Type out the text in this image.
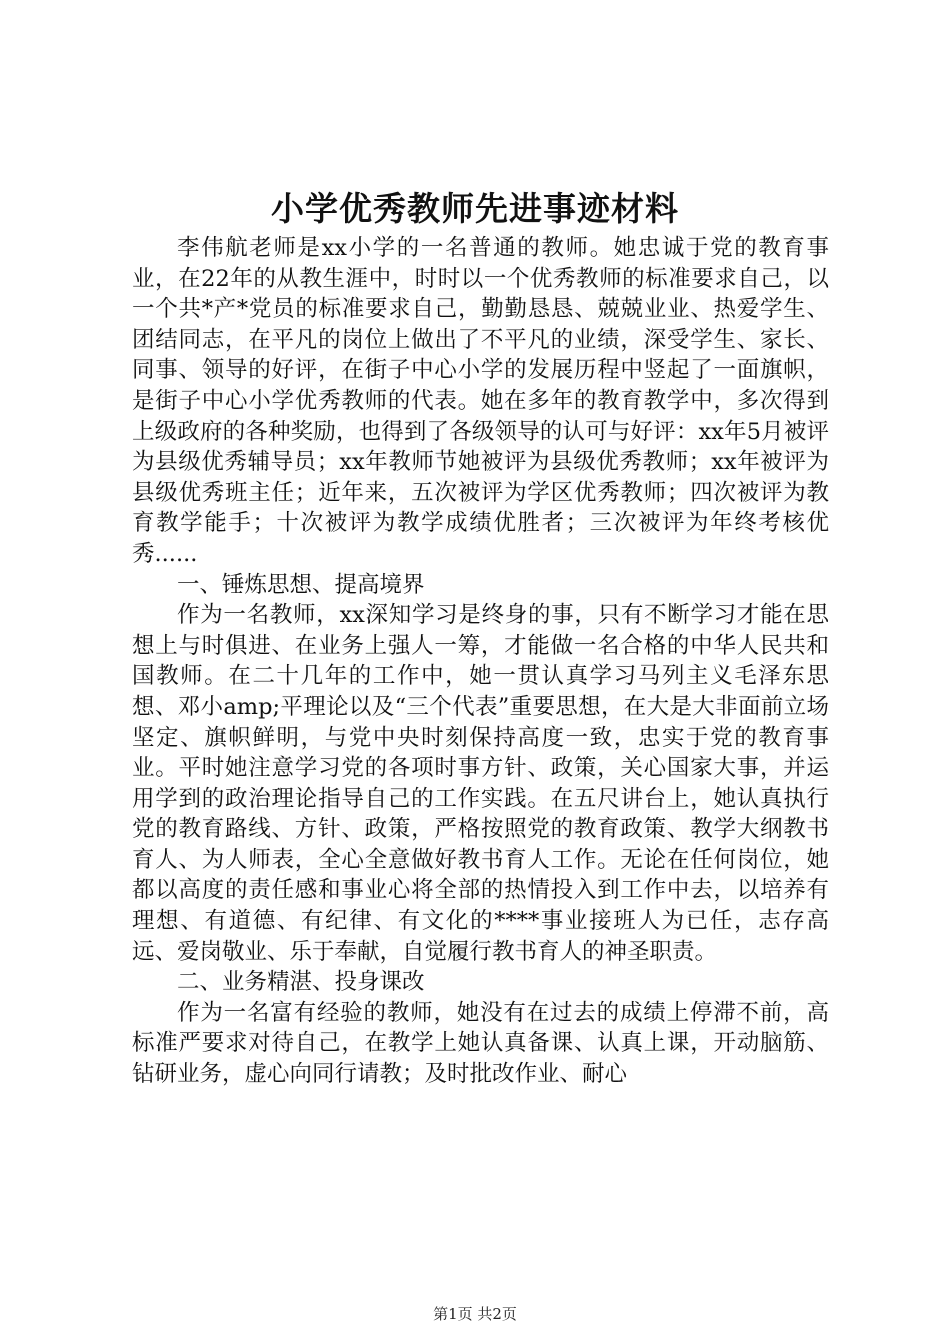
小学优秀教师先进事迹材料

李伟航老师是xx小学的一名普通的教师。她忠诚于党的教育事业，在22年的从教生涯中，时时以一个优秀教师的标准要求自己，以一个共*产*党员的标准要求自己，勤勤恳恳、兢兢业业、热爱学生、团结同志，在平凡的岗位上做出了不平凡的业绩，深受学生、家长、同事、领导的好评，在街子中心小学的发展历程中竖起了一面旗帜，是街子中心小学优秀教师的代表。她在多年的教育教学中，多次得到上级政府的各种奖励，也得到了各级领导的认可与好评：xx年5月被评为县级优秀辅导员；xx年教师节她被评为县级优秀教师；xx年被评为县级优秀班主任；近年来，五次被评为学区优秀教师；四次被评为教育教学能手；十次被评为教学成绩优胜者；三次被评为年终考核优秀......

一、锤炼思想、提高境界

作为一名教师，xx深知学习是终身的事，只有不断学习才能在思想上与时俱进、在业务上强人一筹，才能做一名合格的中华人民共和国教师。在二十几年的工作中，她一贯认真学习马列主义毛泽东思想、邓小amp;平理论以及“三个代表”重要思想，在大是大非面前立场坚定、旗帜鲜明，与党中央时刻保持高度一致，忠实于党的教育事业。平时她注意学习党的各项时事方针、政策，关心国家大事，并运用学到的政治理论指导自己的工作实践。在五尺讲台上，她认真执行党的教育路线、方针、政策，严格按照党的教育政策、教学大纲教书育人、为人师表，全心全意做好教书育人工作。无论在任何岗位，她都以高度的责任感和事业心将全部的热情投入到工作中去，以培养有理想、有道德、有纪律、有文化的****事业接班人为已任，志存高远、爱岗敬业、乐于奉献，自觉履行教书育人的神圣职责。

二、业务精湛、投身课改

作为一名富有经验的教师，她没有在过去的成绩上停滞不前，高标准严要求对待自己，在教学上她认真备课、认真上课，开动脑筋、钻研业务，虚心向同行请教；及时批改作业、耐心

第1页 共2页
